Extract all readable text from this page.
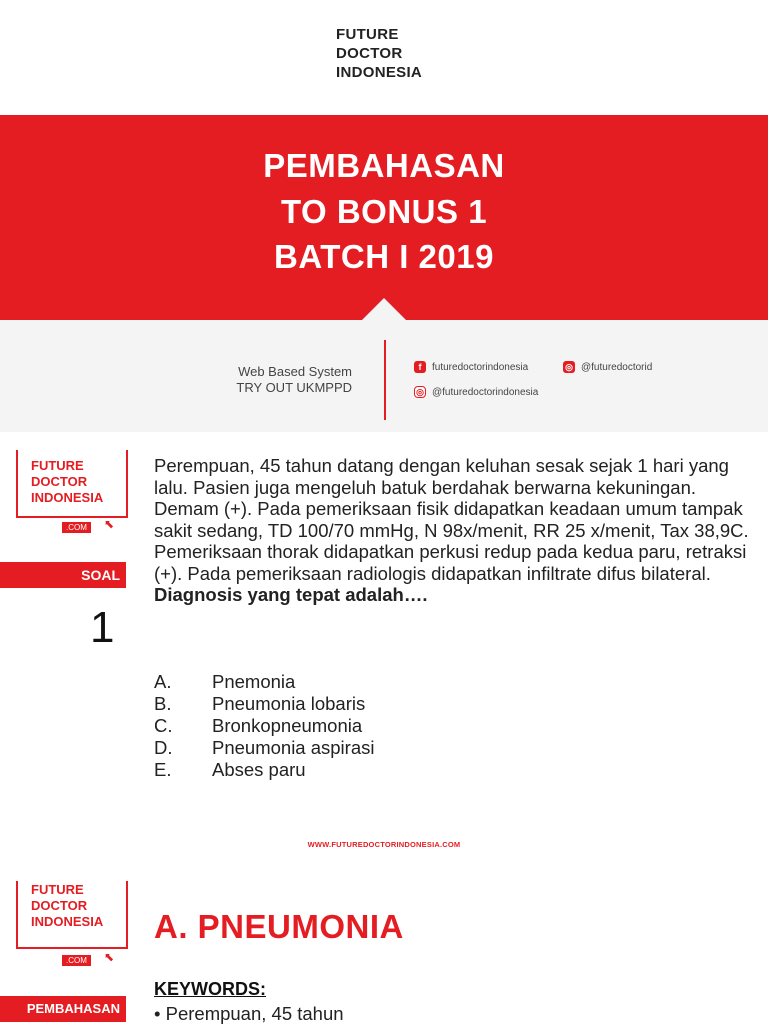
FUTURE
DOCTOR
INDONESIA
PEMBAHASAN
TO BONUS 1
BATCH I 2019
Web Based System
TRY OUT UKMPPD
f	futuredoctorindonesia	◎ @futuredoctorid
◎ @futuredoctorindonesia
FUTURE
DOCTOR
INDONESIA
.COM	⬉
SOAL
1
Perempuan, 45 tahun datang dengan keluhan sesak sejak 1 hari yang lalu. Pasien juga mengeluh batuk berdahak berwarna kekuningan. Demam (+). Pada pemeriksaan fisik didapatkan keadaan umum tampak sakit sedang, TD 100/70 mmHg, N 98x/menit, RR 25 x/menit, Tax 38,9C. Pemeriksaan thorak didapatkan perkusi redup pada kedua paru, retraksi (+). Pada pemeriksaan radiologis didapatkan infiltrate difus bilateral. Diagnosis yang tepat adalah….
A. Pnemonia
B. Pneumonia lobaris
C. Bronkopneumonia
D. Pneumonia aspirasi
E. Abses paru
WWW.FUTUREDOCTORINDONESIA.COM
FUTURE
DOCTOR
INDONESIA
.COM	⬉
A. PNEUMONIA
KEYWORDS:
• Perempuan, 45 tahun
PEMBAHASAN
